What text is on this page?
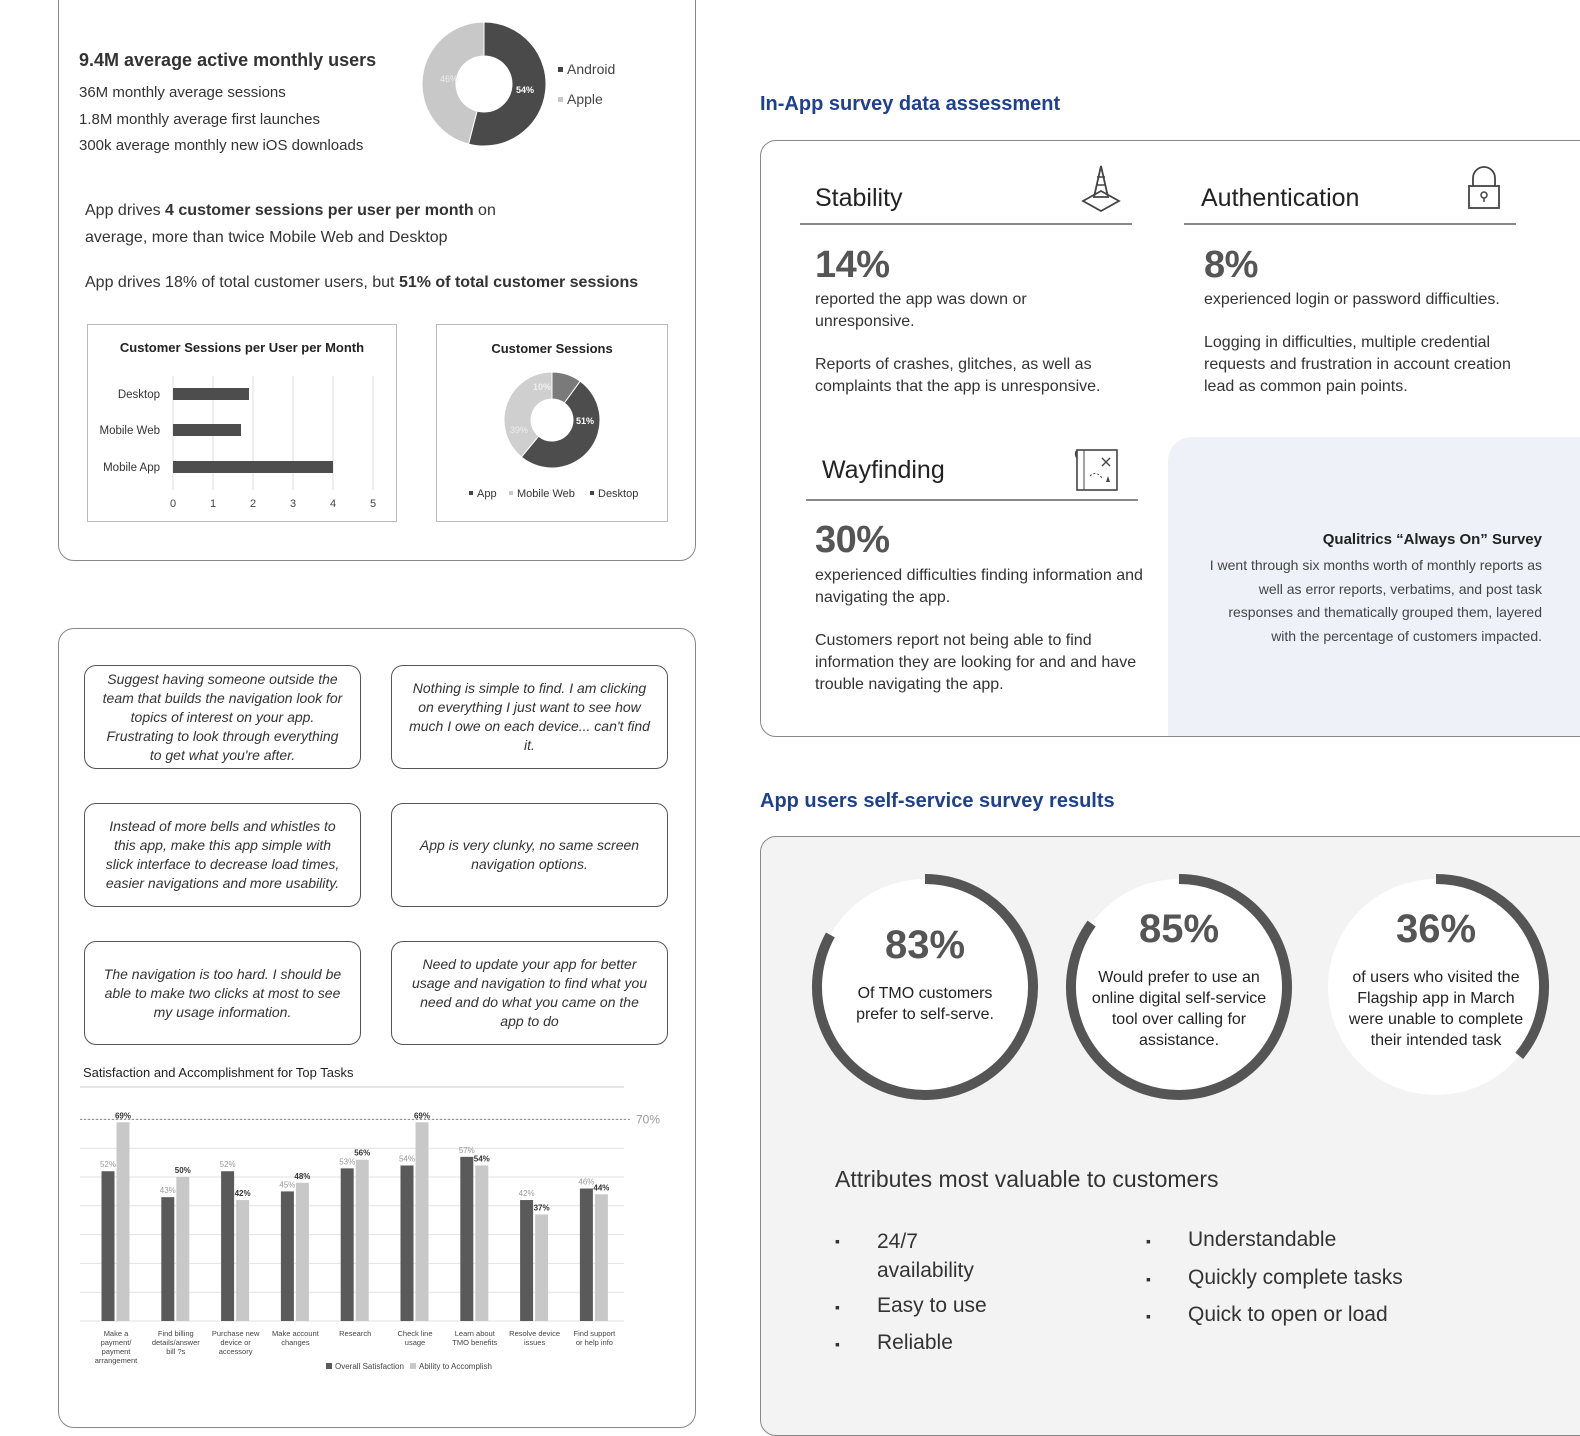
9.4M average active monthly users
36M monthly average sessions
1.8M monthly average first launches
300k average monthly new iOS downloads
46%
54%
Android
Apple
App drives 4 customer sessions per user per month on average, more than twice Mobile Web and Desktop
App drives 18% of total customer users, but 51% of total customer sessions
Customer Sessions per User per Month
Desktop
Mobile Web
Mobile App
0	1	2	3	4	5
Customer Sessions
51%
39%
10%
App Mobile Web Desktop
Suggest having someone outside the team that builds the navigation look for topics of interest on your app. Frustrating to look through everything to get what you're after.
Nothing is simple to find. I am clicking on everything I just want to see how much I owe on each device... can't find it.
Instead of more bells and whistles to this app, make this app simple with slick interface to decrease load times, easier navigations and more usability.
App is very clunky, no same screen navigation options.
The navigation is too hard. I should be able to make two clicks at most to see my usage information.
Need to update your app for better usage and navigation to find what you need and do what you came on the app to do
Satisfaction and Accomplishment for Top Tasks
52%
69%
43%
50%
52%
42%
45%
48%
53%
56%
54%
69%
57%
54%
42%
37%
46%
44%
Make a payment/ payment arrangement
Find billing details/answer bill ?s
Purchase new device or accessory
Make account changes
Research	Check line usage
Learn about TMO benefits
Resolve device issues
Find support or help info
70%
Overall Satisfaction Ability to Accomplish
In-App survey data assessment
Stability
14%
reported the app was down or unresponsive.
Reports of crashes, glitches, as well as complaints that the app is unresponsive.
Authentication
8%
experienced login or password difficulties.
Logging in difficulties, multiple credential requests and frustration in account creation lead as common pain points.
Wayfinding
30%
experienced difficulties finding information and navigating the app.
Customers report not being able to find information they are looking for and and have trouble navigating the app.
Qualitrics “Always On” Survey
I went through six months worth of monthly reports as well as error reports, verbatims, and post task responses and thematically grouped them, layered with the percentage of customers impacted.
App users self-service survey results
83%
Of TMO customers prefer to self-serve.
85%
Would prefer to use an online digital self-service tool over calling for assistance.
36%
of users who visited the Flagship app in March were unable to complete their intended task
Attributes most valuable to customers
▪ 24/7 availability
▪ Easy to use
▪ Reliable
▪ Understandable
▪ Quickly complete tasks
▪ Quick to open or load
